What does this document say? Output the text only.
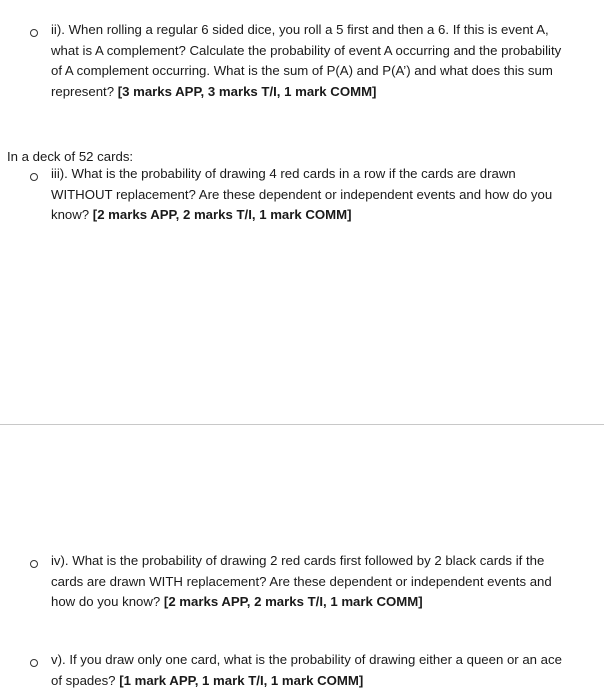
ii). When rolling a regular 6 sided dice, you roll a 5 first and then a 6. If this is event A, what is A complement? Calculate the probability of event A occurring and the probability of A complement occurring. What is the sum of P(A) and P(A’) and what does this sum represent? [3 marks APP, 3 marks T/I, 1 mark COMM]
In a deck of 52 cards:
iii). What is the probability of drawing 4 red cards in a row if the cards are drawn WITHOUT replacement? Are these dependent or independent events and how do you know? [2 marks APP, 2 marks T/I, 1 mark COMM]
iv). What is the probability of drawing 2 red cards first followed by 2 black cards if the cards are drawn WITH replacement? Are these dependent or independent events and how do you know? [2 marks APP, 2 marks T/I, 1 mark COMM]
v). If you draw only one card, what is the probability of drawing either a queen or an ace of spades? [1 mark APP, 1 mark T/I, 1 mark COMM]
